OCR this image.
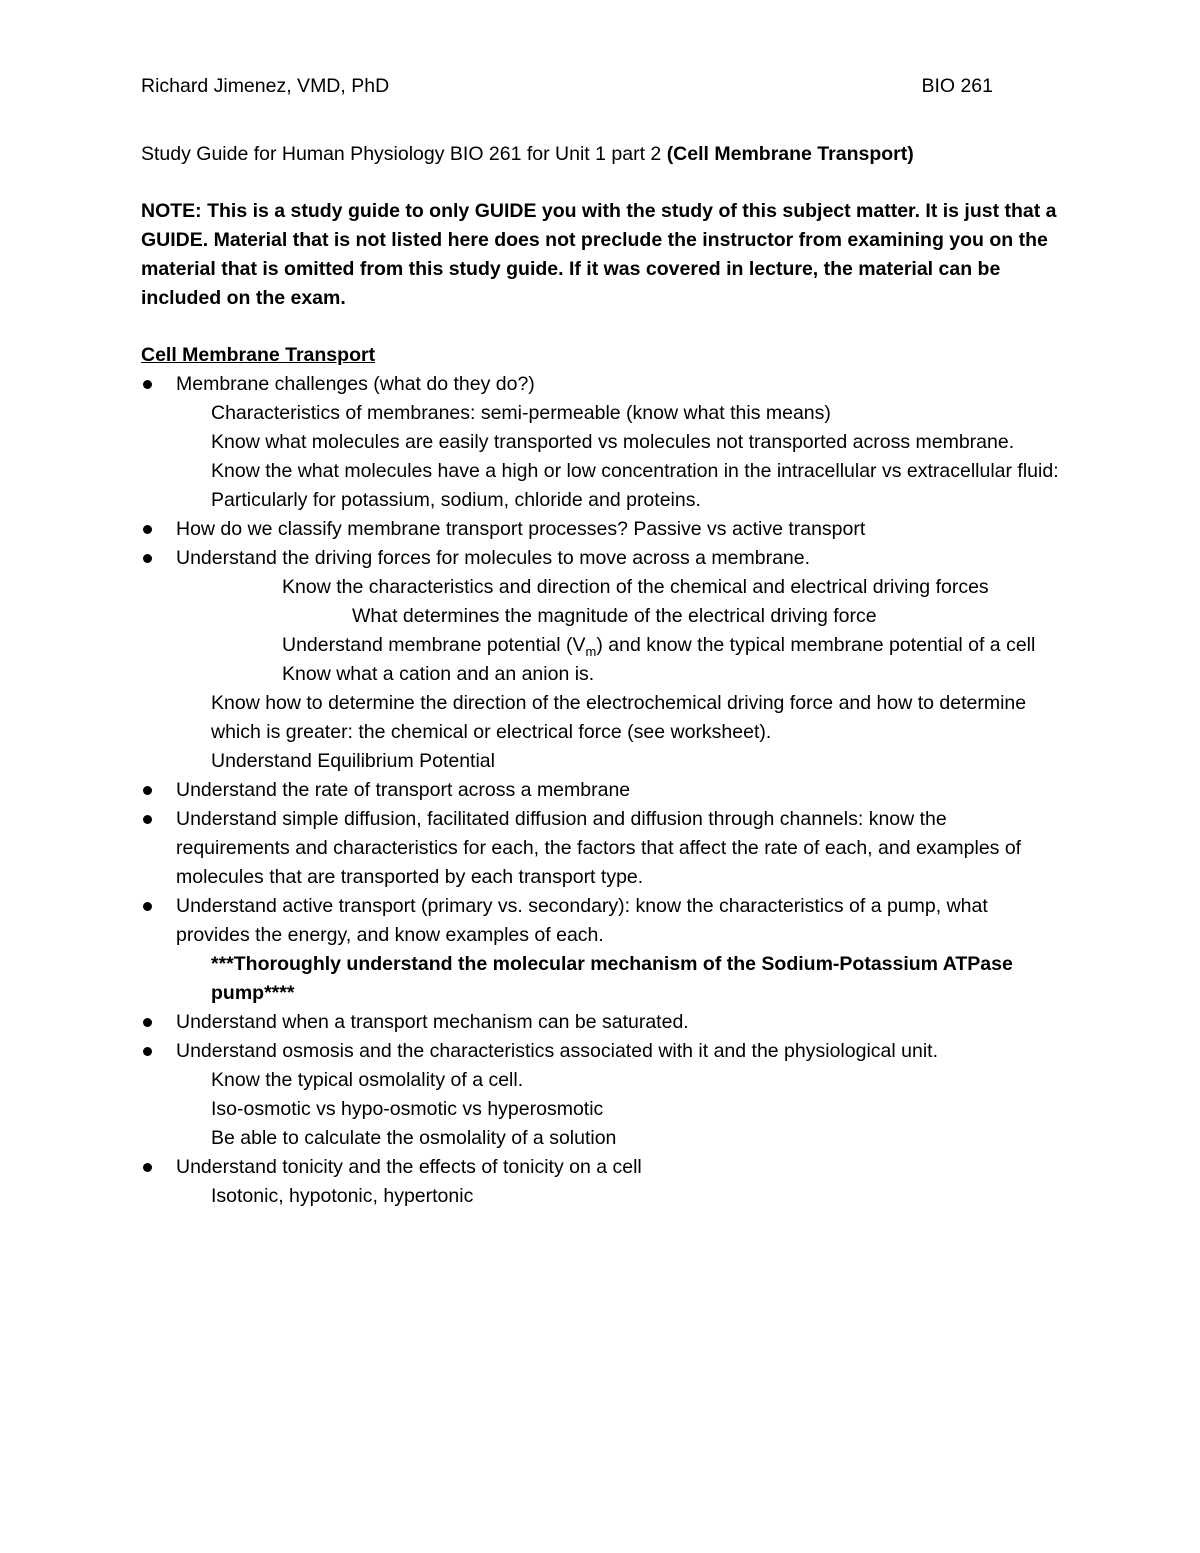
Richard Jimenez, VMD, PhD	BIO 261

Study Guide for Human Physiology BIO 261 for Unit 1 part 2 (Cell Membrane Transport)

NOTE: This is a study guide to only GUIDE you with the study of this subject matter. It is just that a GUIDE. Material that is not listed here does not preclude the instructor from examining you on the material that is omitted from this study guide. If it was covered in lecture, the material can be included on the exam.

Cell Membrane Transport

Membrane challenges (what do they do?)
Characteristics of membranes: semi-permeable (know what this means)
Know what molecules are easily transported vs molecules not transported across membrane.
Know the what molecules have a high or low concentration in the intracellular vs extracellular fluid: Particularly for potassium, sodium, chloride and proteins.
How do we classify membrane transport processes? Passive vs active transport
Understand the driving forces for molecules to move across a membrane.
Know the characteristics and direction of the chemical and electrical driving forces
What determines the magnitude of the electrical driving force
Understand membrane potential $(V_m)$ and know the typical membrane potential of a cell
Know what a cation and an anion is.
Know how to determine the direction of the electrochemical driving force and how to determine which is greater: the chemical or electrical force (see worksheet).
Understand Equilibrium Potential
Understand the rate of transport across a membrane
Understand simple diffusion, facilitated diffusion and diffusion through channels: know the requirements and characteristics for each, the factors that affect the rate of each, and examples of molecules that are transported by each transport type.
Understand active transport (primary vs. secondary): know the characteristics of a pump, what provides the energy, and know examples of each.
***Thoroughly understand the molecular mechanism of the Sodium-Potassium ATPase pump****
Understand when a transport mechanism can be saturated.
Understand osmosis and the characteristics associated with it and the physiological unit.
Know the typical osmolality of a cell.
Iso-osmotic vs hypo-osmotic vs hyperosmotic
Be able to calculate the osmolality of a solution
Understand tonicity and the effects of tonicity on a cell
Isotonic, hypotonic, hypertonic
